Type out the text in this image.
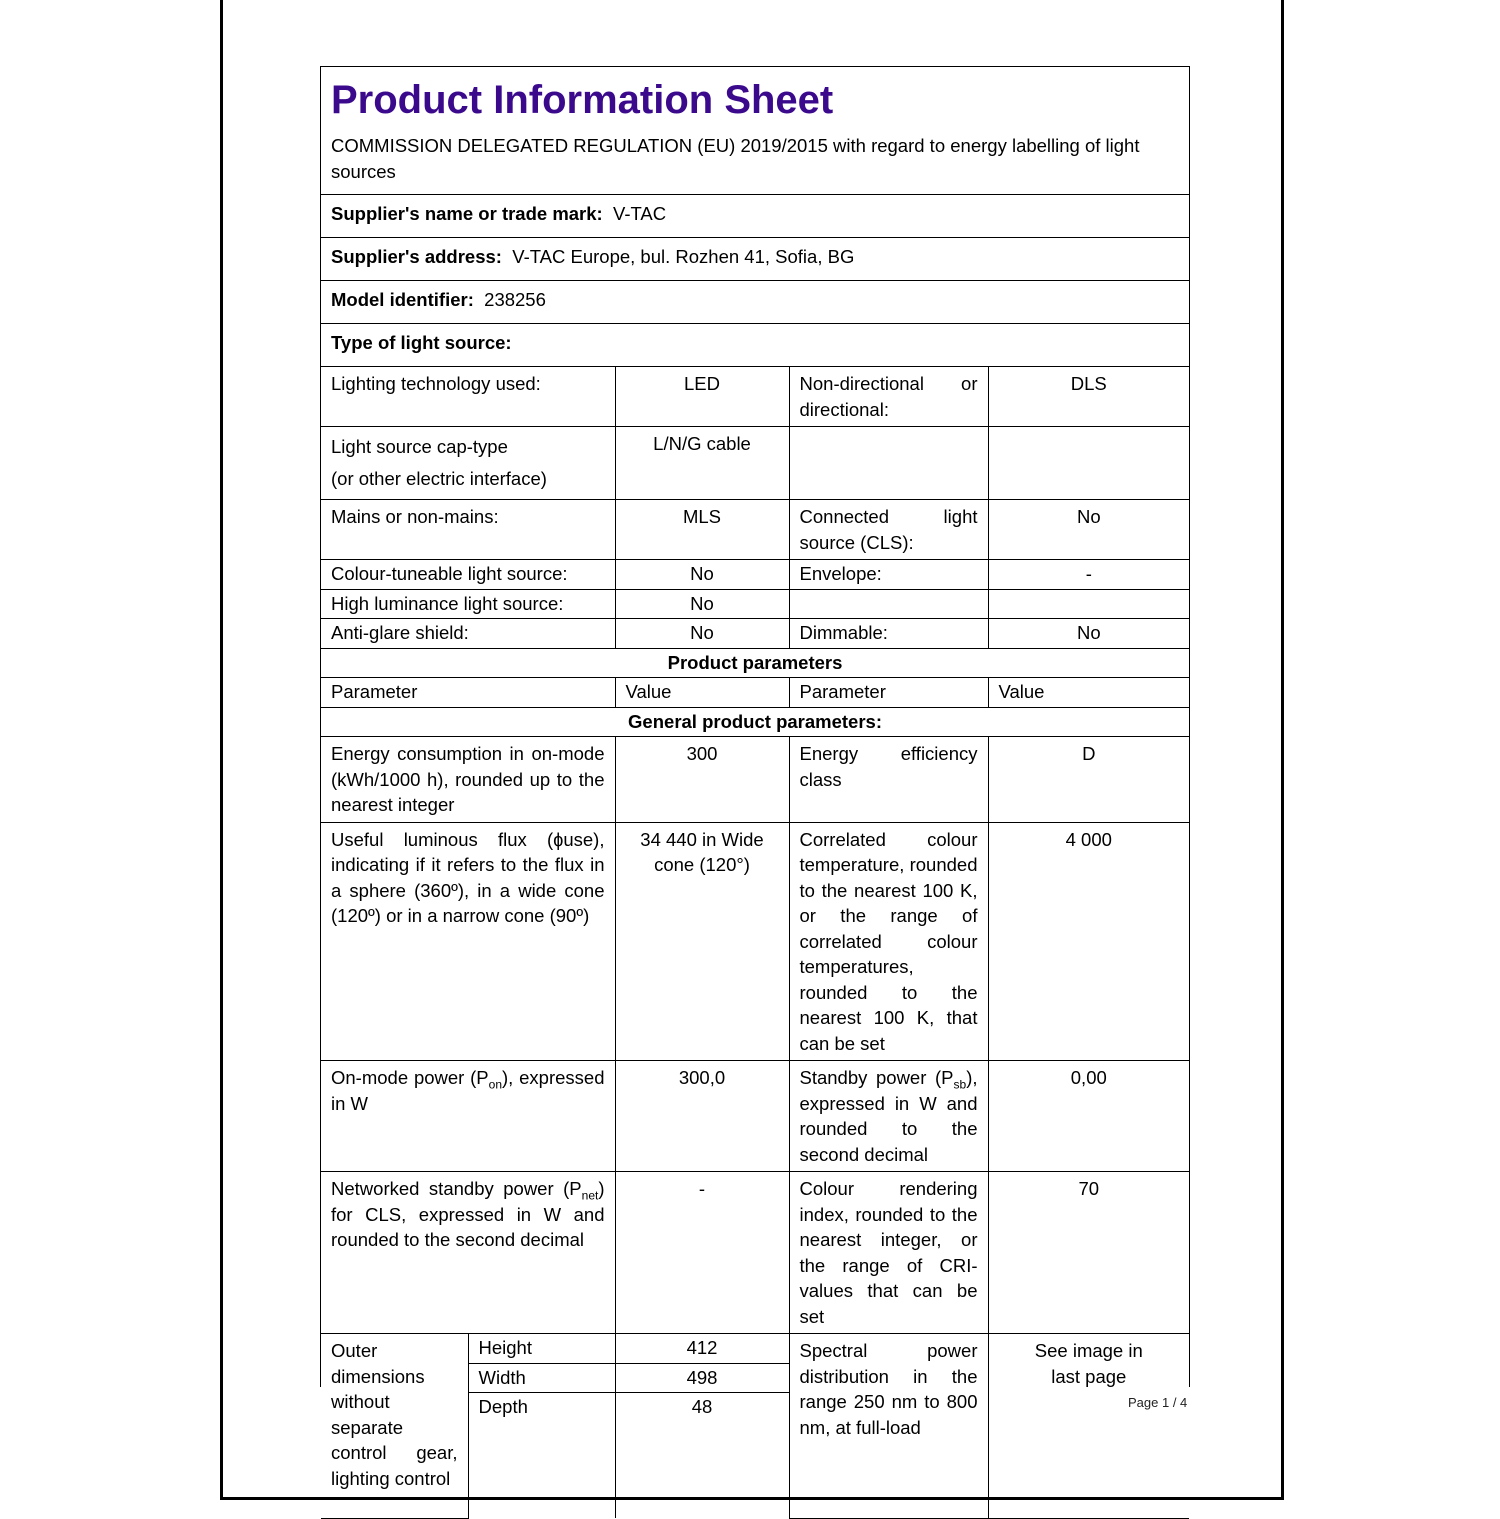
Product Information Sheet
COMMISSION DELEGATED REGULATION (EU) 2019/2015 with regard to energy labelling of light sources				

Supplier's name or trade mark: V-TAC				
Supplier's address: V-TAC Europe, bul. Rozhen 41, Sofia, BG				
Model identifier: 238256				
Type of light source:				
Lighting technology used:		LED	Non-directional or directional:	DLS

Light source cap-type
(or other electric interface)		L/N/G cable		
Mains or non-mains:		MLS	Connected light source (CLS):	No
Colour-tuneable light source:		No	Envelope:	-
High luminance light source:		No		
Anti-glare shield:		No	Dimmable:	No
Product parameters				
Parameter		Value	Parameter	Value
General product parameters:				
Energy consumption in on-mode (kWh/1000 h), rounded up to the nearest integer		300	Energy efficiency class	D
Useful luminous flux (ɸuse), indicating if it refers to the flux in a sphere (360º), in a wide cone (120º) or in a narrow cone (90º)		34 440 in Wide cone (120°)	Correlated colour temperature, rounded to the nearest 100 K, or the range of correlated colour temperatures, rounded to the nearest 100 K, that can be set	4 000
On-mode power $(P_{on})$, expressed in W		300,0	Standby power $(P_{sb})$, expressed in W and rounded to the second decimal	0,00
Networked standby power $(P_{net})$ for CLS, expressed in W and rounded to the second decimal		-	Colour rendering index, rounded to the nearest integer, or the range of CRI-values that can be set	70
Outer dimensions without separate control gear, lighting control	Height	412	Spectral power distribution in the range 250 nm to 800 nm, at full-load	See image in last page
	Width	498		
	Depth	48			Page 1 / 4
